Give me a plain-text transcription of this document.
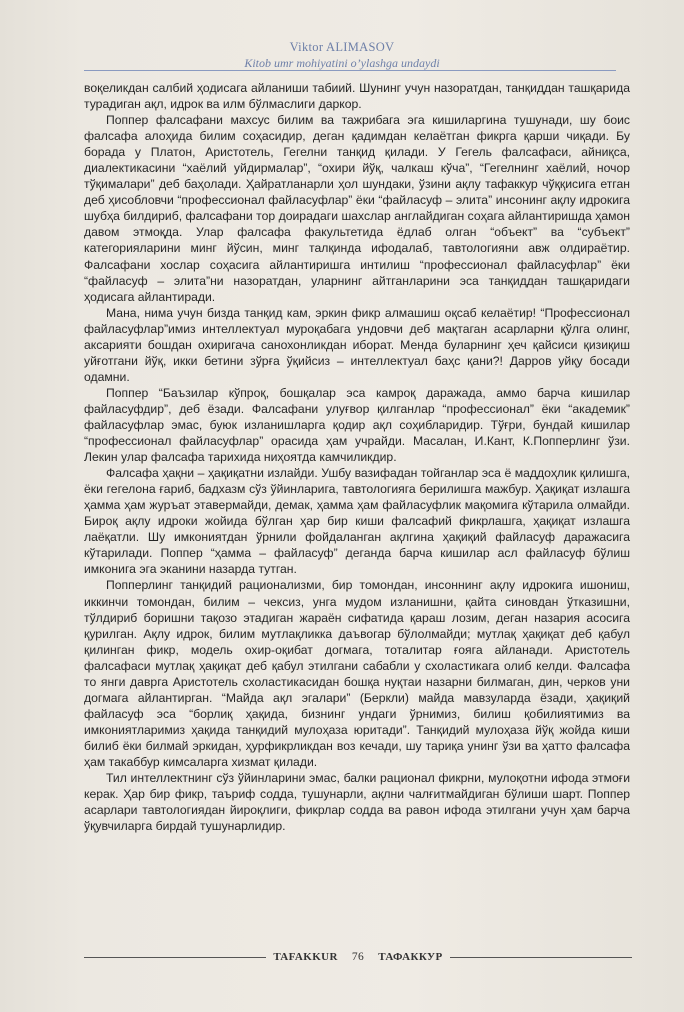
Viktor ALIMASOV
Kitob umr mohiyatini o’ylashga undaydi

воқеликдан салбий ҳодисага айланиши табиий. Шунинг учун назоратдан, танқиддан ташқарида турадиган ақл, идрок ва илм бўлмаслиги даркор.

Поппер фалсафани махсус билим ва тажрибага эга кишиларгина тушунади, шу боис фалсафа алоҳида билим соҳасидир, деган қадимдан келаётган фикрга қарши чиқади. Бу борада у Платон, Аристотель, Гегелни танқид қилади. У Гегель фалсафаси, айниқса, диалектикасини “хаёлий уйдирмалар”, “охири йўқ, чалкаш кўча”, “Гегелнинг хаёлий, ночор тўқималари” деб баҳолади. Ҳайратланарли ҳол шундаки, ўзини ақлу тафаккур чўққисига етган деб ҳисобловчи “профессионал файласуфлар” ёки “файласуф – элита” инсонинг ақлу идрокига шубҳа билдириб, фалсафани тор доирадаги шахслар англайдиган соҳага айлантиришда ҳамон давом этмоқда. Улар фалсафа факультетида ёдлаб олган “объект” ва “субъект” категорияларини минг йўсин, минг талқинда ифодалаб, тавтологияни авж олдираётир. Фалсафани хослар соҳасига айлантиришга интилиш “профессионал файласуфлар” ёки “файласуф – элита”ни назоратдан, уларнинг айтганларини эса танқиддан ташқаридаги ҳодисага айлантиради.

Мана, нима учун бизда танқид кам, эркин фикр алмашиш оқсаб келаётир! “Профессионал файласуфлар”имиз интеллектуал муроқабага ундовчи деб мақтаган асарларни қўлга олинг, аксарияти бошдан охиригача санохонликдан иборат. Менда буларнинг ҳеч қайсиси қизиқиш уйғотгани йўқ, икки бетини зўрға ўқийсиз – интеллектуал баҳс қани?! Дарров уйқу босади одамни.

Поппер “Баъзилар кўпроқ, бошқалар эса камроқ даражада, аммо барча кишилар файласуфдир”, деб ёзади. Фалсафани улуғвор қилганлар “профессионал” ёки “академик” файласуфлар эмас, буюк изланишларга қодир ақл соҳибларидир. Тўғри, бундай кишилар “профессионал файласуфлар” орасида ҳам учрайди. Масалан, И.Кант, К.Попперлинг ўзи. Лекин улар фалсафа тарихида ниҳоятда камчиликдир.

Фалсафа ҳақни – ҳақиқатни излайди. Ушбу вазифадан тойганлар эса ё маддоҳлик қилишга, ёки гегелона ғариб, бадхазм сўз ўйинларига, тавтологияга берилишга мажбур. Ҳақиқат излашга ҳамма ҳам журъат этавермайди, демак, ҳамма ҳам файласуфлик мақомига кўтарила олмайди. Бироқ ақлу идроки жойида бўлган ҳар бир киши фалсафий фикрлашга, ҳақиқат излашга лаёқатли. Шу имкониятдан ўрнили фойдаланган ақлгина ҳақиқий файласуф даражасига кўтарилади. Поппер “ҳамма – файласуф” деганда барча кишилар асл файласуф бўлиш имконига эга эканини назарда тутган.

Попперлинг танқидий рационализми, бир томондан, инсоннинг ақлу идрокига ишониш, иккинчи томондан, билим – чексиз, унга мудом изланишни, қайта синовдан ўтказишни, тўлдириб боришни тақозо этадиган жараён сифатида қараш лозим, деган назария асосига қурилган. Ақлу идрок, билим мутлақликка даъвогар бўлолмайди; мутлақ ҳақиқат деб қабул қилинган фикр, модель охир-оқибат догмага, тоталитар ғояга айланади. Аристотель фалсафаси мутлақ ҳақиқат деб қабул этилгани сабабли у схоластикага олиб келди. Фалсафа то янги даврга Аристотель схоластикасидан бошқа нуқтаи назарни билмаган, дин, черков уни догмага айлантирган. “Майда ақл эгалари” (Беркли) майда мавзуларда ёзади, ҳақиқий файласуф эса “борлиқ ҳақида, бизнинг ундаги ўрнимиз, билиш қобилиятимиз ва имкониятларимиз ҳақида танқидий мулоҳаза юритади”. Танқидий мулоҳаза йўқ жойда киши билиб ёки билмай эркидан, ҳурфикрликдан воз кечади, шу тариқа унинг ўзи ва ҳатто фалсафа ҳам такаббур кимсаларга хизмат қилади.

Тил интеллектнинг сўз ўйинларини эмас, балки рационал фикрни, мулоқотни ифода этмоғи керак. Ҳар бир фикр, таъриф содда, тушунарли, ақлни чалғитмайдиган бўлиши шарт. Поппер асарлари тавтологиядан йироқлиги, фикрлар содда ва равон ифода этилгани учун ҳам барча ўқувчиларга бирдай тушунарлидир.

TAFAKKUR	76	ТАФАККУР
